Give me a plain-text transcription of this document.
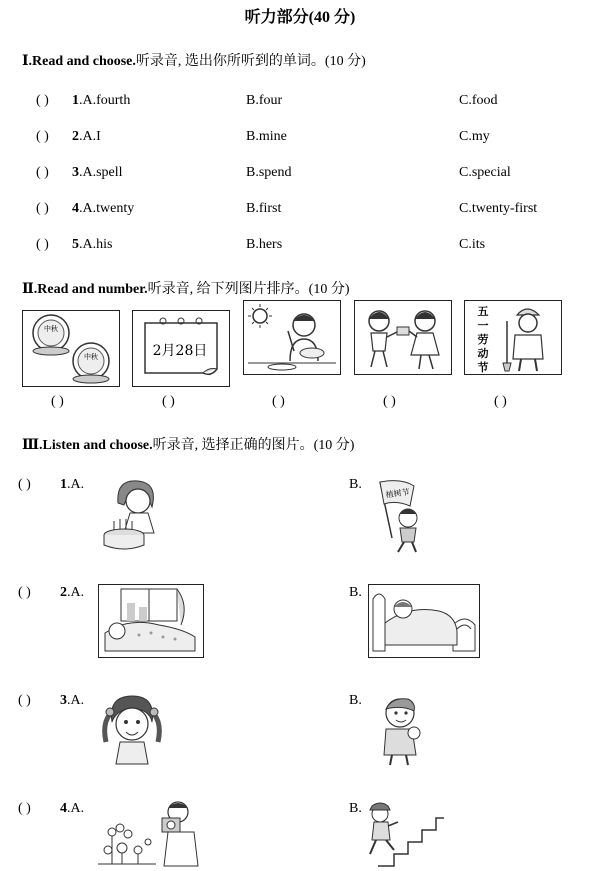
听力部分(40 分)
Ⅰ.Read and choose.听录音, 选出你所听到的单词。(10 分)
( ) 1.A.fourth	B.four	C.food
( ) 2.A.I	B.mine	C.my
( ) 3.A.spell	B.spend	C.special
( ) 4.A.twenty	B.first	C.twenty-first
( ) 5.A.his	B.hers	C.its
Ⅱ.Read and number.听录音, 给下列图片排序。(10 分)
中秋
中秋	2月28日
五
一
劳
动
节
( )	( )	( )	( )	( )
Ⅲ.Listen and choose.听录音, 选择正确的图片。(10 分)
( ) 1.A.	B.
植树节
( ) 2.A.	B.
( ) 3.A.	B.
( ) 4.A.	B.
